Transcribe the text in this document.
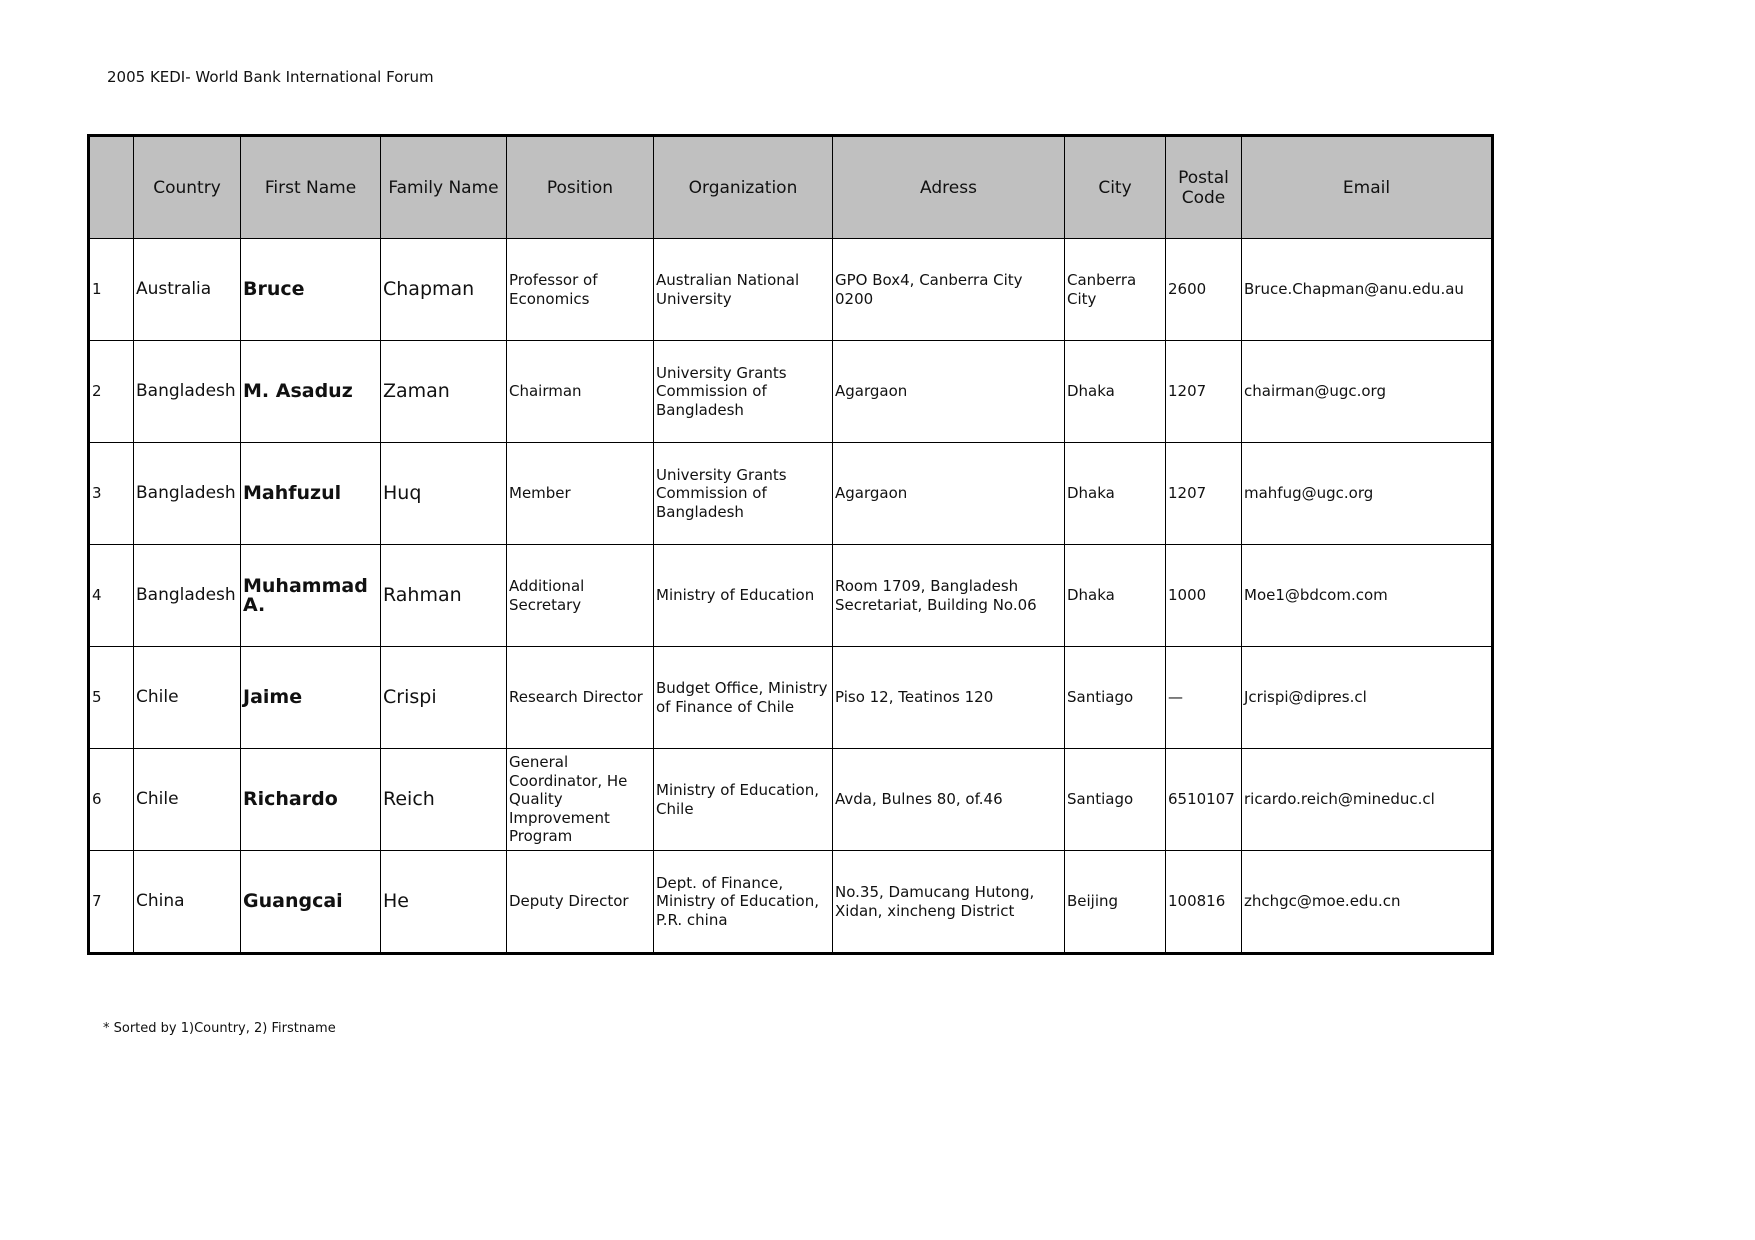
2005 KEDI- World Bank International Forum
	Country	First Name	Family Name	Position	Organization	Adress	City	Postal Code	Email
1	Australia	Bruce	Chapman	Professor of Economics	Australian National University	GPO Box4, Canberra City 0200	Canberra City	2600	Bruce.Chapman@anu.edu.au
2	Bangladesh	M. Asaduz	Zaman	Chairman	University Grants Commission of Bangladesh	Agargaon	Dhaka	1207	chairman@ugc.org
3	Bangladesh	Mahfuzul	Huq	Member	University Grants Commission of Bangladesh	Agargaon	Dhaka	1207	mahfug@ugc.org
4	Bangladesh	Muhammad A.	Rahman	Additional Secretary	Ministry of Education	Room 1709, Bangladesh Secretariat, Building No.06	Dhaka	1000	Moe1@bdcom.com
5	Chile	Jaime	Crispi	Research Director	Budget Office, Ministry of Finance of Chile	Piso 12, Teatinos 120	Santiago	—	Jcrispi@dipres.cl
6	Chile	Richardo	Reich	General Coordinator, He Quality Improvement Program	Ministry of Education, Chile	Avda, Bulnes 80, of.46	Santiago	6510107	ricardo.reich@mineduc.cl
7	China	Guangcai	He	Deputy Director	Dept. of Finance, Ministry of Education, P.R. china	No.35, Damucang Hutong, Xidan, xincheng District	Beijing	100816	zhchgc@moe.edu.cn
* Sorted by 1)Country, 2) Firstname
